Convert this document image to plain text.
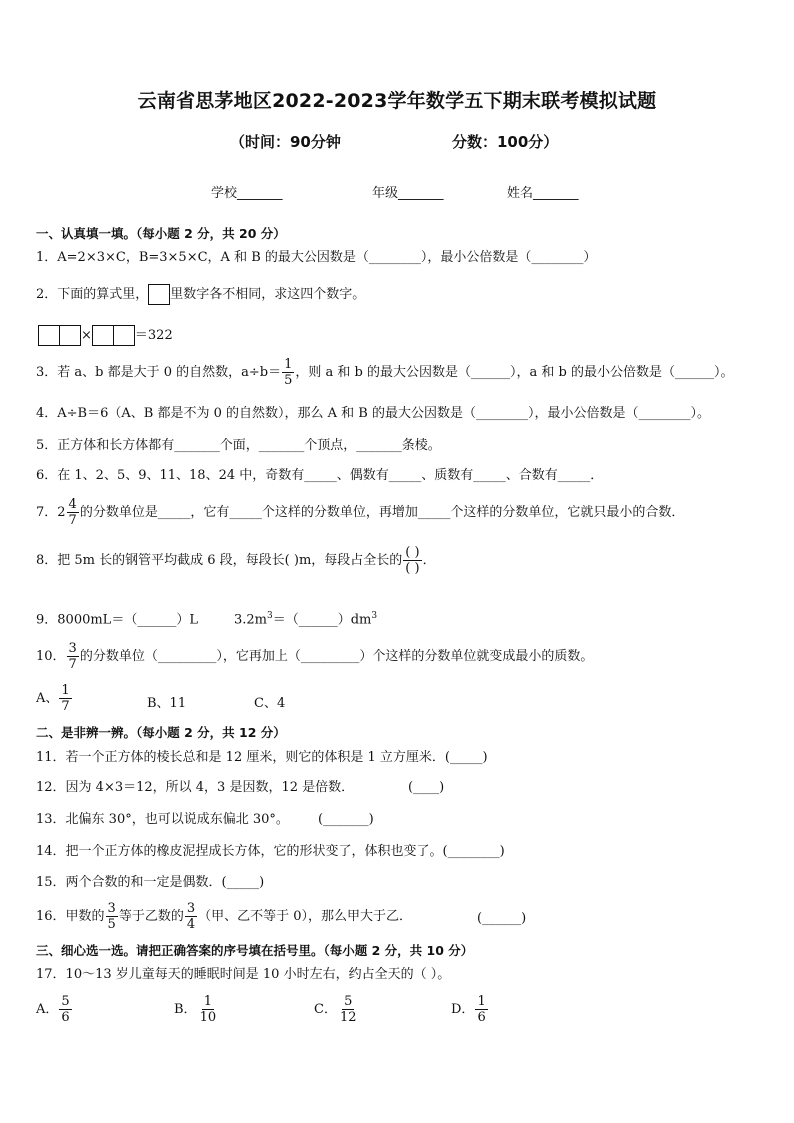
云南省思茅地区2022-2023学年数学五下期末联考模拟试题
（时间：90分钟	分数：100分）
学校_______	年级_______	姓名_______
一、认真填一填。（每小题 2 分，共 20 分）
1．A=2×3×C，B=3×5×C，A 和 B 的最大公因数是（________），最小公倍数是（________）
2．下面的算式里， 里数字各不相同，求这四个数字。
×	＝322
3．若 a、b 都是大于 0 的自然数，$a\div b= \frac{1}{5}$ ，则 a 和 b 的最大公因数是（______），a 和 b 的最小公倍数是（______）。
4．A÷B＝6（A、B 都是不为 0 的自然数），那么 A 和 B 的最大公因数是（________），最小公倍数是（________）。
5．正方体和长方体都有_______个面，_______个顶点，_______条棱。
6．在 1、2、5、9、11、18、24 中，奇数有_____、偶数有_____、质数有_____、合数有_____．
7．$2 \frac{4}{7}$ 的分数单位是_____，它有_____个这样的分数单位，再增加_____个这样的分数单位，它就只最小的合数．
8．把 5m 长的钢管平均截成 6 段，每段长( )m，每段占全长的 $\frac{( )}{( )}$ ．
9．8000mL＝（______）L	$3.2m^3=(\_\_\_\_\_\_)dm^3$
10． $\frac{3}{7}$ 的分数单位（_________），它再加上（_________）个这样的分数单位就变成最小的质数。
A、 $\frac{1}{7}$	B、11	C、4
二、是非辨一辨。（每小题 2 分，共 12 分）
11．若一个正方体的棱长总和是 12 厘米，则它的体积是 1 立方厘米．(_____)
12．因为 4×3＝12，所以 4，3 是因数，12 是倍数．	(____)
13．北偏东 30°，也可以说成东偏北 30°。 (_______)
14．把一个正方体的橡皮泥捏成长方体，它的形状变了，体积也变了。(________)
15．两个合数的和一定是偶数．(_____)
16．甲数的 $\frac{3}{5}$ 等于乙数的 $\frac{3}{4}$ （甲、乙不等于 0），那么甲大于乙．	(______)
三、细心选一选。请把正确答案的序号填在括号里。（每小题 2 分，共 10 分）
17．10～13 岁儿童每天的睡眠时间是 10 小时左右，约占全天的（ ）。
A． $\frac{5}{6}$	B． $\frac{1}{10}$	C． $\frac{5}{12}$	D． $\frac{1}{6}$
